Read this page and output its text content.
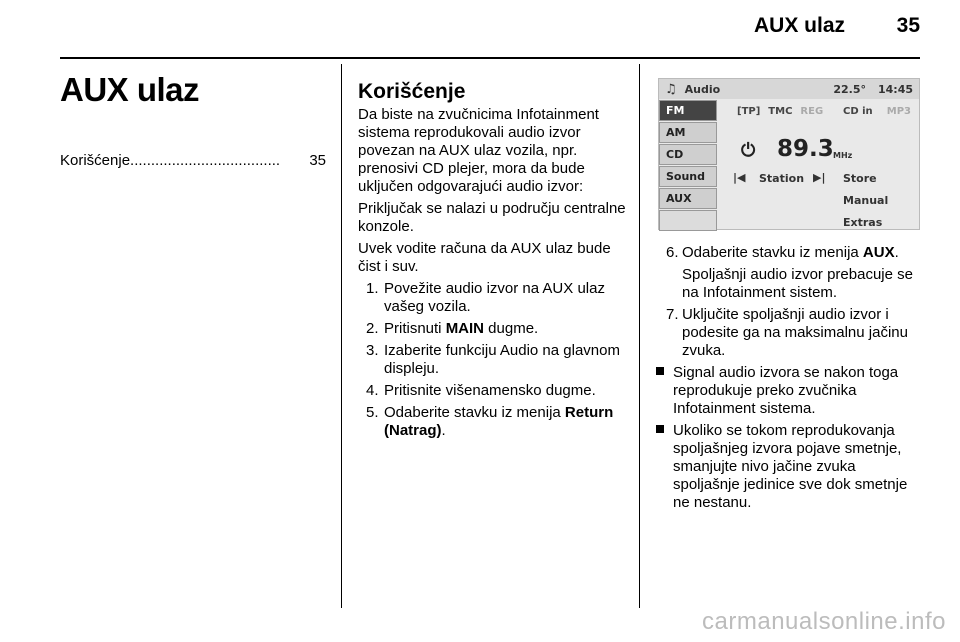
AUX ulaz 35
AUX ulaz
Korišćenje ....................................	35
Korišćenje

Da biste na zvučnicima Infotainment sistema reprodukovali audio izvor povezan na AUX ulaz vozila, npr. prenosivi CD plejer, mora da bude uključen odgovarajući audio izvor:

Priključak se nalazi u području centralne konzole.

Uvek vodite računa da AUX ulaz bude čist i suv.

1. Povežite audio izvor na AUX ulaz vašeg vozila.
2. Pritisnuti MAIN dugme.
3. Izaberite funkciju Audio na glavnom displeju.
4. Pritisnite višenamensko dugme.
5. Odaberite stavku iz menija Return (Natrag).
♫ Audio	22.5° 14:45
FM
AM
CD
Sound
AUX
[TP] TMC REG CD in MP3
⏻ 89.3 MHz
|◀ Station ▶| Store
Manual
Extras
6. Odaberite stavku iz menija AUX.
Spoljašnji audio izvor prebacuje se na Infotainment sistem.
7. Uključite spoljašnji audio izvor i podesite ga na maksimalnu jačinu zvuka.
Signal audio izvora se nakon toga reprodukuje preko zvučnika Infotainment sistema.
Ukoliko se tokom reprodukovanja spoljašnjeg izvora pojave smetnje, smanjujte nivo jačine zvuka spoljašnje jedinice sve dok smetnje ne nestanu.
carmanualsonline.info
